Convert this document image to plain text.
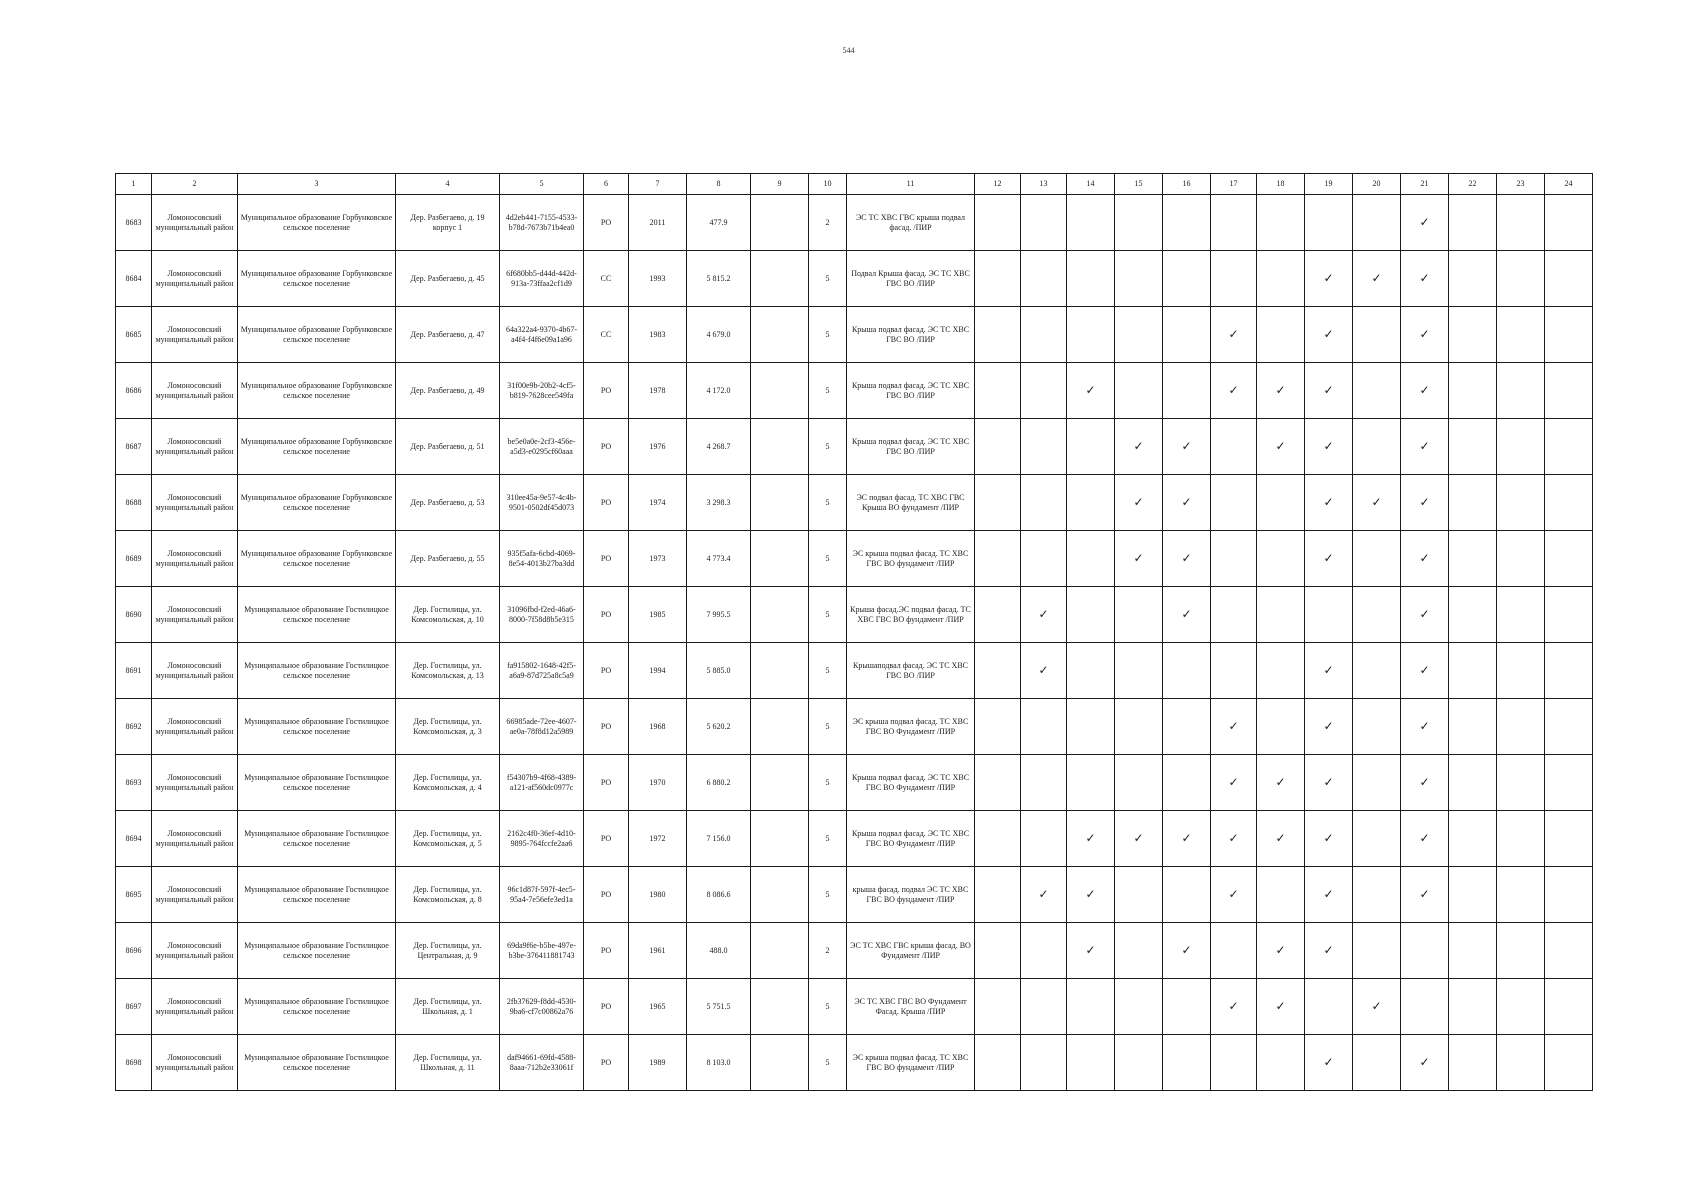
544
1	2	3	4	5	6	7	8	9	10	11	12	13	14	15	16	17	18	19	20	21	22	23	24
8683	Ломоносовский муниципальный район	Муниципальное образование Горбунковское сельское поселение	Дер. Разбегаево, д. 19 корпус 1	4d2eb441-7155-4533-b78d-7673b71b4ea0	РО	2011	477.9		2	ЭС ТС ХВС ГВС крыша подвал фасад. /ПИР										✓			
8684	Ломоносовский муниципальный район	Муниципальное образование Горбунковское сельское поселение	Дер. Разбегаево, д. 45	6f680bb5-d44d-442d-913a-73ffaa2cf1d9	СС	1993	5 815.2		5	Подвал Крыша фасад. ЭС ТС ХВС ГВС ВО /ПИР								✓	✓	✓			
8685	Ломоносовский муниципальный район	Муниципальное образование Горбунковское сельское поселение	Дер. Разбегаево, д. 47	64a322a4-9370-4b67-a4f4-f4f6e09a1a96	СС	1983	4 679.0		5	Крыша подвал фасад. ЭС ТС ХВС ГВС ВО /ПИР						✓		✓		✓			
8686	Ломоносовский муниципальный район	Муниципальное образование Горбунковское сельское поселение	Дер. Разбегаево, д. 49	31f00e9b-20b2-4cf5-b819-7628cee549fa	РО	1978	4 172.0		5	Крыша подвал фасад. ЭС ТС ХВС ГВС ВО /ПИР			✓			✓	✓	✓		✓			
8687	Ломоносовский муниципальный район	Муниципальное образование Горбунковское сельское поселение	Дер. Разбегаево, д. 51	be5e0a0e-2cf3-456e-a5d3-e0295cf60aaa	РО	1976	4 268.7		5	Крыша подвал фасад. ЭС ТС ХВС ГВС ВО /ПИР				✓	✓		✓	✓		✓			
8688	Ломоносовский муниципальный район	Муниципальное образование Горбунковское сельское поселение	Дер. Разбегаево, д. 53	310ee45a-9e57-4c4b-9501-0502df45d073	РО	1974	3 298.3		5	ЭС подвал фасад. ТС ХВС ГВС Крыша ВО фундамент /ПИР				✓	✓			✓	✓	✓			
8689	Ломоносовский муниципальный район	Муниципальное образование Горбунковское сельское поселение	Дер. Разбегаево, д. 55	935f5afa-6cbd-4069-8e54-4013b27ba3dd	РО	1973	4 773.4		5	ЭС крыша подвал фасад. ТС ХВС ГВС ВО фундамент /ПИР				✓	✓			✓		✓			
8690	Ломоносовский муниципальный район	Муниципальное образование Гостилицкое сельское поселение	Дер. Гостилицы, ул. Комсомольская, д. 10	31096fbd-f2ed-46a6-8000-7f58d8b5e315	РО	1985	7 995.5		5	Крыша фасад.ЭС подвал фасад. ТС ХВС ГВС ВО фундамент /ПИР		✓			✓					✓			
8691	Ломоносовский муниципальный район	Муниципальное образование Гостилицкое сельское поселение	Дер. Гостилицы, ул. Комсомольская, д. 13	fa915802-1648-42f5-a6a9-87d725a8c5a9	РО	1994	5 885.0		5	Крышаподвал фасад. ЭС ТС ХВС ГВС ВО /ПИР		✓						✓		✓			
8692	Ломоносовский муниципальный район	Муниципальное образование Гостилицкое сельское поселение	Дер. Гостилицы, ул. Комсомольская, д. 3	66985ade-72ee-4607-ae0a-78f8d12a5989	РО	1968	5 620.2		5	ЭС крыша подвал фасад. ТС ХВС ГВС ВО Фундамент /ПИР						✓		✓		✓			
8693	Ломоносовский муниципальный район	Муниципальное образование Гостилицкое сельское поселение	Дер. Гостилицы, ул. Комсомольская, д. 4	f54307b9-4f68-4389-a121-af560dc0977c	РО	1970	6 880.2		5	Крыша подвал фасад. ЭС ТС ХВС ГВС ВО Фундамент /ПИР						✓	✓	✓		✓			
8694	Ломоносовский муниципальный район	Муниципальное образование Гостилицкое сельское поселение	Дер. Гостилицы, ул. Комсомольская, д. 5	2162c4f0-36ef-4d10-9895-764fccfe2aa6	РО	1972	7 156.0		5	Крыша подвал фасад. ЭС ТС ХВС ГВС ВО Фундамент /ПИР			✓	✓	✓	✓	✓	✓		✓			
8695	Ломоносовский муниципальный район	Муниципальное образование Гостилицкое сельское поселение	Дер. Гостилицы, ул. Комсомольская, д. 8	96c1d87f-597f-4ec5-95a4-7e56efe3ed1a	РО	1980	8 086.6		5	крыша фасад. подвал ЭС ТС ХВС ГВС ВО фундамент /ПИР		✓	✓			✓		✓		✓			
8696	Ломоносовский муниципальный район	Муниципальное образование Гостилицкое сельское поселение	Дер. Гостилицы, ул. Центральная, д. 9	69da9f6e-b5be-497e-b3be-376411881743	РО	1961	488.0		2	ЭС ТС ХВС ГВС крыша фасад. ВО Фундамент /ПИР			✓		✓		✓	✓					
8697	Ломоносовский муниципальный район	Муниципальное образование Гостилицкое сельское поселение	Дер. Гостилицы, ул. Школьная, д. 1	2fb37629-f8dd-4530-9ba6-cf7c00862a76	РО	1965	5 751.5		5	ЭС ТС ХВС ГВС ВО Фундамент Фасад. Крыша /ПИР						✓	✓		✓				
8698	Ломоносовский муниципальный район	Муниципальное образование Гостилицкое сельское поселение	Дер. Гостилицы, ул. Школьная, д. 11	daf94661-69fd-4588-8aaa-712b2e33061f	РО	1989	8 103.0		5	ЭС крыша подвал фасад. ТС ХВС ГВС ВО фундамент /ПИР								✓		✓			
